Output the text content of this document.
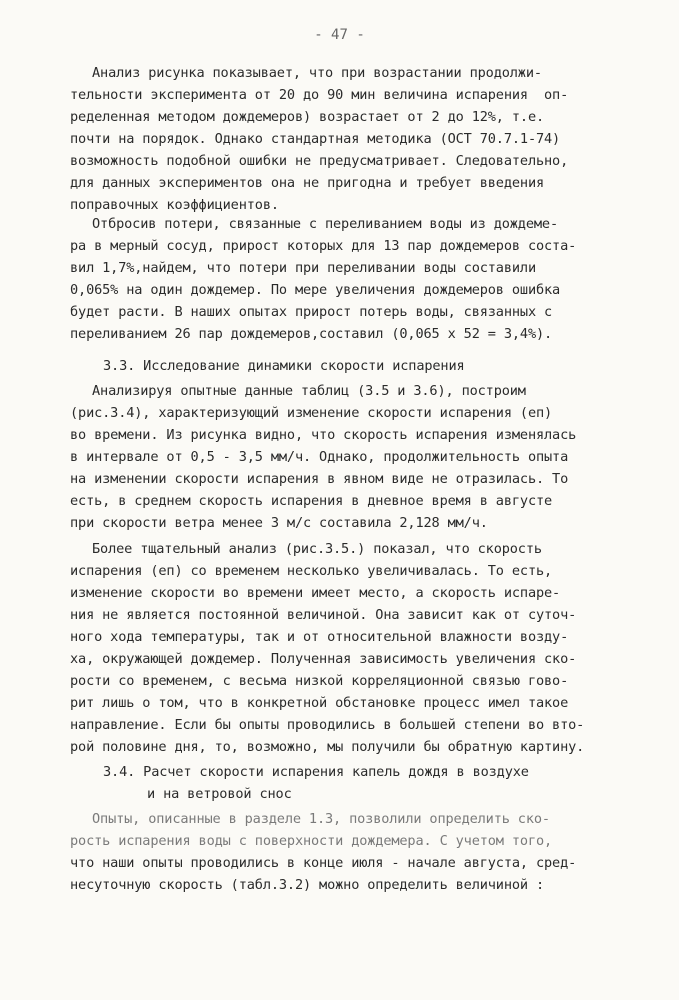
- 47 -
Анализ рисунка показывает, что при возрастании продолжи-
тельности эксперимента от 20 до 90 мин величина испарения  оп-
ределенная методом дождемеров) возрастает от 2 до 12%, т.е.
почти на порядок. Однако стандартная методика (ОСТ 70.7.1-74)
возможность подобной ошибки не предусматривает. Следовательно,
для данных экспериментов она не пригодна и требует введения
поправочных коэффициентов.
Отбросив потери, связанные с переливанием воды из дождеме-
ра в мерный сосуд, прирост которых для 13 пар дождемеров соста-
вил 1,7%,найдем, что потери при переливании воды составили
0,065% на один дождемер. По мере увеличения дождемеров ошибка
будет расти. В наших опытах прирост потерь воды, связанных с
переливанием 26 пар дождемеров,составил (0,065 х 52 = 3,4%).
3.3. Исследование динамики скорости испарения
Анализируя опытные данные таблиц (3.5 и 3.6), построим
(рис.3.4), характеризующий изменение скорости испарения (еп)
во времени. Из рисунка видно, что скорость испарения изменялась
в интервале от 0,5 - 3,5 мм/ч. Однако, продолжительность опыта
на изменении скорости испарения в явном виде не отразилась. То
есть, в среднем скорость испарения в дневное время в августе
при скорости ветра менее 3 м/с составила 2,128 мм/ч.
Более тщательный анализ (рис.3.5.) показал, что скорость
испарения (еп) со временем несколько увеличивалась. То есть,
изменение скорости во времени имеет место, а скорость испаре-
ния не является постоянной величиной. Она зависит как от суточ-
ного хода температуры, так и от относительной влажности возду-
ха, окружающей дождемер. Полученная зависимость увеличения ско-
рости со временем, с весьма низкой корреляционной связью гово-
рит лишь о том, что в конкретной обстановке процесс имел такое
направление. Если бы опыты проводились в большей степени во вто-
рой половине дня, то, возможно, мы получили бы обратную картину.
3.4. Расчет скорости испарения капель дождя в воздухе
и на ветровой снос
Опыты, описанные в разделе 1.3, позволили определить ско-
рость испарения воды с поверхности дождемера. С учетом того,
что наши опыты проводились в конце июля - начале августа, сред-
несуточную скорость (табл.3.2) можно определить величиной :
